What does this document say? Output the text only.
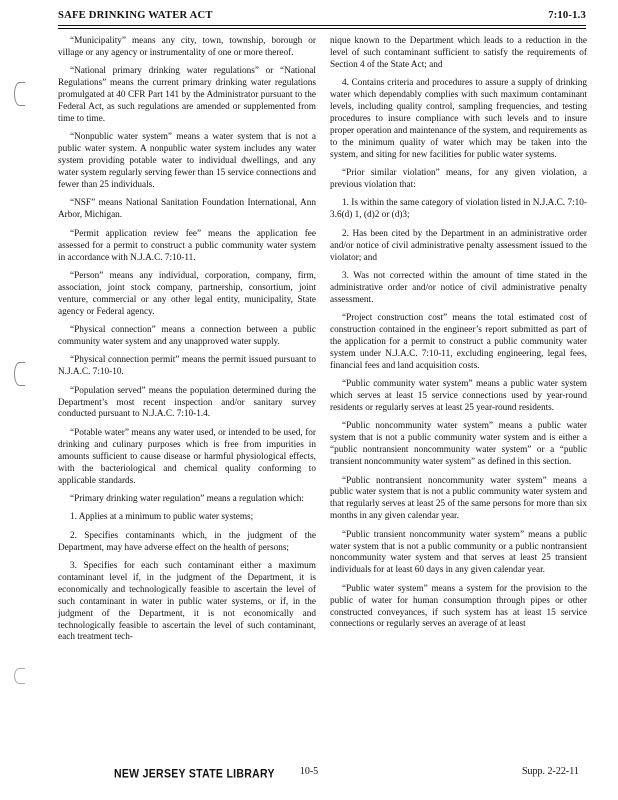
SAFE DRINKING WATER ACT	7:10-1.3

“Municipality” means any city, town, township, borough or village or any agency or instrumentality of one or more thereof.

“National primary drinking water regulations” or “National Regulations” means the current primary drinking water regulations promulgated at 40 CFR Part 141 by the Administrator pursuant to the Federal Act, as such regulations are amended or supplemented from time to time.

“Nonpublic water system” means a water system that is not a public water system. A nonpublic water system includes any water system providing potable water to individual dwellings, and any water system regularly serving fewer than 15 service connections and fewer than 25 individuals.

“NSF” means National Sanitation Foundation International, Ann Arbor, Michigan.

“Permit application review fee” means the application fee assessed for a permit to construct a public community water system in accordance with N.J.A.C. 7:10-11.

“Person” means any individual, corporation, company, firm, association, joint stock company, partnership, consortium, joint venture, commercial or any other legal entity, municipality, State agency or Federal agency.

“Physical connection” means a connection between a public community water system and any unapproved water supply.

“Physical connection permit” means the permit issued pursuant to N.J.A.C. 7:10-10.

“Population served” means the population determined during the Department’s most recent inspection and/or sanitary survey conducted pursuant to N.J.A.C. 7:10-1.4.

“Potable water” means any water used, or intended to be used, for drinking and culinary purposes which is free from impurities in amounts sufficient to cause disease or harmful physiological effects, with the bacteriological and chemical quality conforming to applicable standards.

“Primary drinking water regulation” means a regulation which:

1. Applies at a minimum to public water systems;

2. Specifies contaminants which, in the judgment of the Department, may have adverse effect on the health of persons;

3. Specifies for each such contaminant either a maximum contaminant level if, in the judgment of the Department, it is economically and technologically feasible to ascertain the level of such contaminant in water in public water systems, or if, in the judgment of the Department, it is not economically and technologically feasible to ascertain the level of such contaminant, each treatment tech-

nique known to the Department which leads to a reduction in the level of such contaminant sufficient to satisfy the requirements of Section 4 of the State Act; and

4. Contains criteria and procedures to assure a supply of drinking water which dependably complies with such maximum contaminant levels, including quality control, sampling frequencies, and testing procedures to insure compliance with such levels and to insure proper operation and maintenance of the system, and requirements as to the minimum quality of water which may be taken into the system, and siting for new facilities for public water systems.

“Prior similar violation” means, for any given violation, a previous violation that:

1. Is within the same category of violation listed in N.J.A.C. 7:10-3.6(d) 1, (d)2 or (d)3;

2. Has been cited by the Department in an administrative order and/or notice of civil administrative penalty assessment issued to the violator; and

3. Was not corrected within the amount of time stated in the administrative order and/or notice of civil administrative penalty assessment.

“Project construction cost” means the total estimated cost of construction contained in the engineer’s report submitted as part of the application for a permit to construct a public community water system under N.J.A.C. 7:10-11, excluding engineering, legal fees, financial fees and land acquisition costs.

“Public community water system” means a public water system which serves at least 15 service connections used by year-round residents or regularly serves at least 25 year-round residents.

“Public noncommunity water system” means a public water system that is not a public community water system and is either a “public nontransient noncommunity water system” or a “public transient noncommunity water system” as defined in this section.

“Public nontransient noncommunity water system” means a public water system that is not a public community water system and that regularly serves at least 25 of the same persons for more than six months in any given calendar year.

“Public transient noncommunity water system” means a public water system that is not a public community or a public nontransient noncommunity water system and that serves at least 25 transient individuals for at least 60 days in any given calendar year.

“Public water system” means a system for the provision to the public of water for human consumption through pipes or other constructed conveyances, if such system has at least 15 service connections or regularly serves an average of at least

NEW JERSEY STATE LIBRARY	10-5	Supp. 2-22-11
